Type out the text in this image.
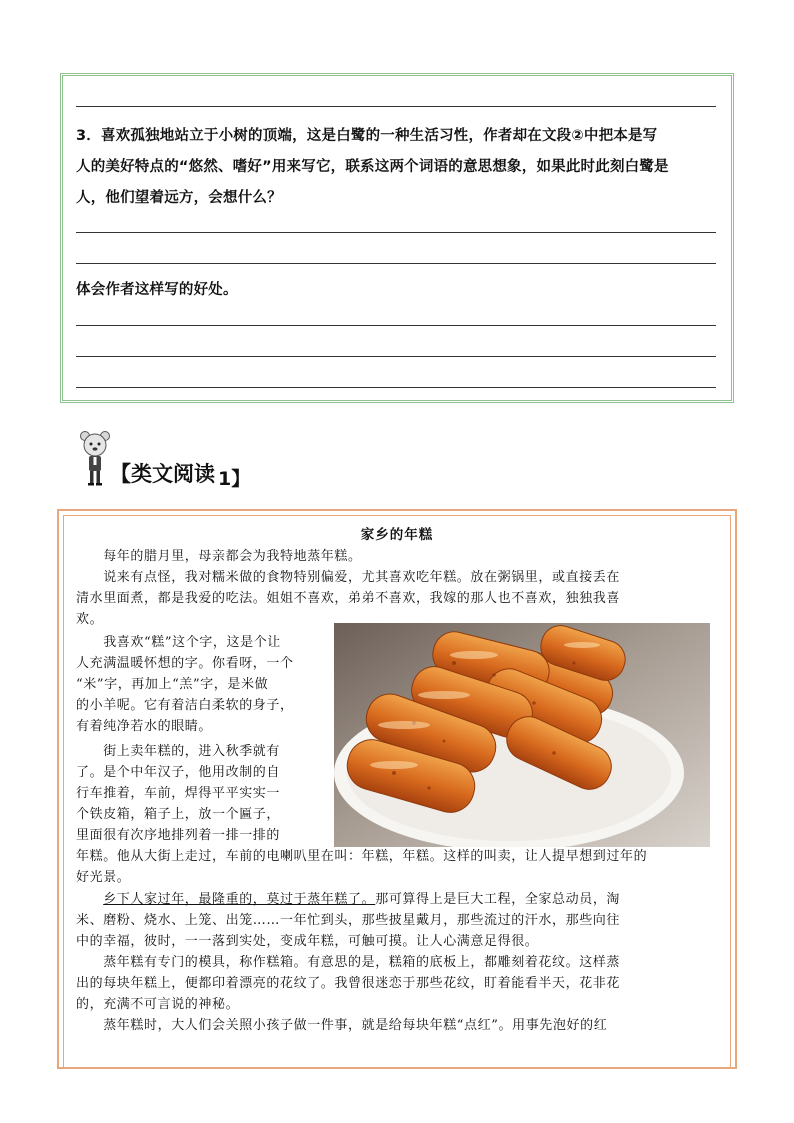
3．喜欢孤独地站立于小树的顶端，这是白鹭的一种生活习性，作者却在文段②中把本是写
人的美好特点的“悠然、嗜好”用来写它，联系这两个词语的意思想象，如果此时此刻白鹭是
人，他们望着远方，会想什么？
体会作者这样写的好处。
【类文阅读 1】
家乡的年糕
　　每年的腊月里，母亲都会为我特地蒸年糕。
　　说来有点怪，我对糯米做的食物特别偏爱，尤其喜欢吃年糕。放在粥锅里，或直接丢在
清水里面煮，都是我爱的吃法。姐姐不喜欢，弟弟不喜欢，我嫁的那人也不喜欢，独独我喜
欢。
　　我喜欢“糕”这个字，这是个让
人充满温暖怀想的字。你看呀，一个
“米”字，再加上“羔”字，是米做
的小羊呢。它有着洁白柔软的身子，
有着纯净若水的眼睛。
　　街上卖年糕的，进入秋季就有
了。是个中年汉子，他用改制的自
行车推着，车前，焊得平平实实一
个铁皮箱，箱子上，放一个匾子，
里面很有次序地排列着一排一排的
年糕。他从大街上走过，车前的电喇叭里在叫：年糕，年糕。这样的叫卖，让人提早想到过年的
好光景。
　　乡下人家过年，最隆重的，莫过于蒸年糕了。那可算得上是巨大工程，全家总动员，淘
米、磨粉、烧水、上笼、出笼……一年忙到头，那些披星戴月，那些流过的汗水，那些向往
中的幸福，彼时，一一落到实处，变成年糕，可触可摸。让人心满意足得很。
　　蒸年糕有专门的模具，称作糕箱。有意思的是，糕箱的底板上，都雕刻着花纹。这样蒸
出的每块年糕上，便都印着漂亮的花纹了。我曾很迷恋于那些花纹，盯着能看半天，花非花
的，充满不可言说的神秘。
　　蒸年糕时，大人们会关照小孩子做一件事，就是给每块年糕“点红”。用事先泡好的红
